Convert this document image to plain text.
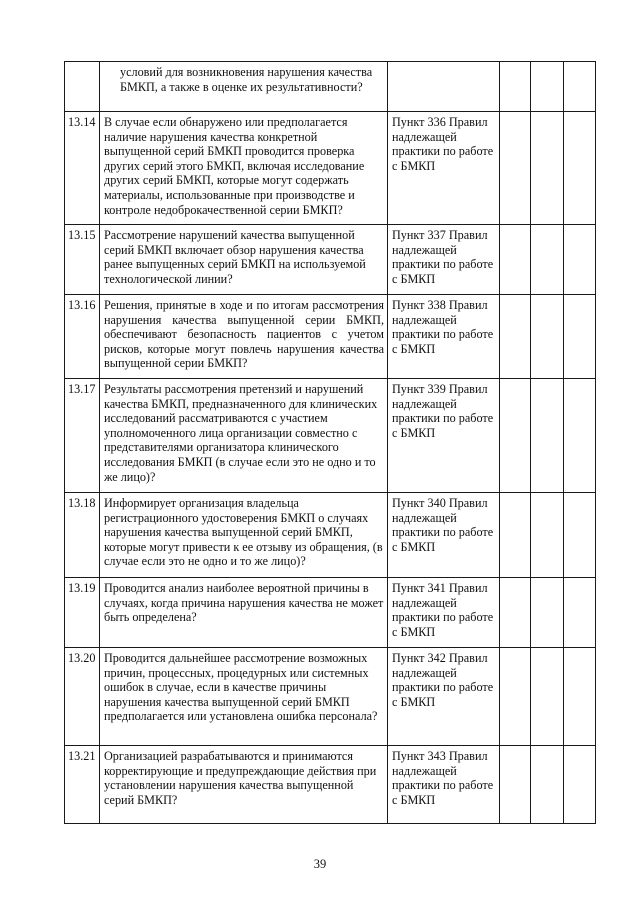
	условий для возникновения нарушения качества БМКП, а также в оценке их результативности?				
13.14	В случае если обнаружено или предполагается наличие нарушения качества конкретной выпущенной серий БМКП проводится проверка других серий этого БМКП, включая исследование других серий БМКП, которые могут содержать материалы, использованные при производстве и контроле недоброкачественной серии БМКП?	Пункт 336 Правил надлежащей практики по работе с БМКП			
13.15	Рассмотрение нарушений качества выпущенной серий БМКП включает обзор нарушения качества ранее выпущенных серий БМКП на используемой технологической линии?	Пункт 337 Правил надлежащей практики по работе с БМКП			
13.16	Решения, принятые в ходе и по итогам рассмотрения нарушения качества выпущенной серии БМКП, обеспечивают безопасность пациентов с учетом рисков, которые могут повлечь нарушения качества выпущенной серии БМКП?	Пункт 338 Правил надлежащей практики по работе с БМКП			
13.17	Результаты рассмотрения претензий и нарушений качества БМКП, предназначенного для клинических исследований рассматриваются с участием уполномоченного лица организации совместно с представителями организатора клинического исследования БМКП (в случае если это не одно и то же лицо)?	Пункт 339 Правил надлежащей практики по работе с БМКП			
13.18	Информирует организация владельца регистрационного удостоверения БМКП о случаях нарушения качества выпущенной серий БМКП, которые могут привести к ее отзыву из обращения, (в случае если это не одно и то же лицо)?	Пункт 340 Правил надлежащей практики по работе с БМКП			
13.19	Проводится анализ наиболее вероятной причины в случаях, когда причина нарушения качества не может быть определена?	Пункт 341 Правил надлежащей практики по работе с БМКП			
13.20	Проводится дальнейшее рассмотрение возможных причин, процессных, процедурных или системных ошибок в случае, если в качестве причины нарушения качества выпущенной серий БМКП предполагается или установлена ошибка персонала?	Пункт 342 Правил надлежащей практики по работе с БМКП			
13.21	Организацией разрабатываются и принимаются корректирующие и предупреждающие действия при установлении нарушения качества выпущенной серий БМКП?	Пункт 343 Правил надлежащей практики по работе с БМКП			
39
